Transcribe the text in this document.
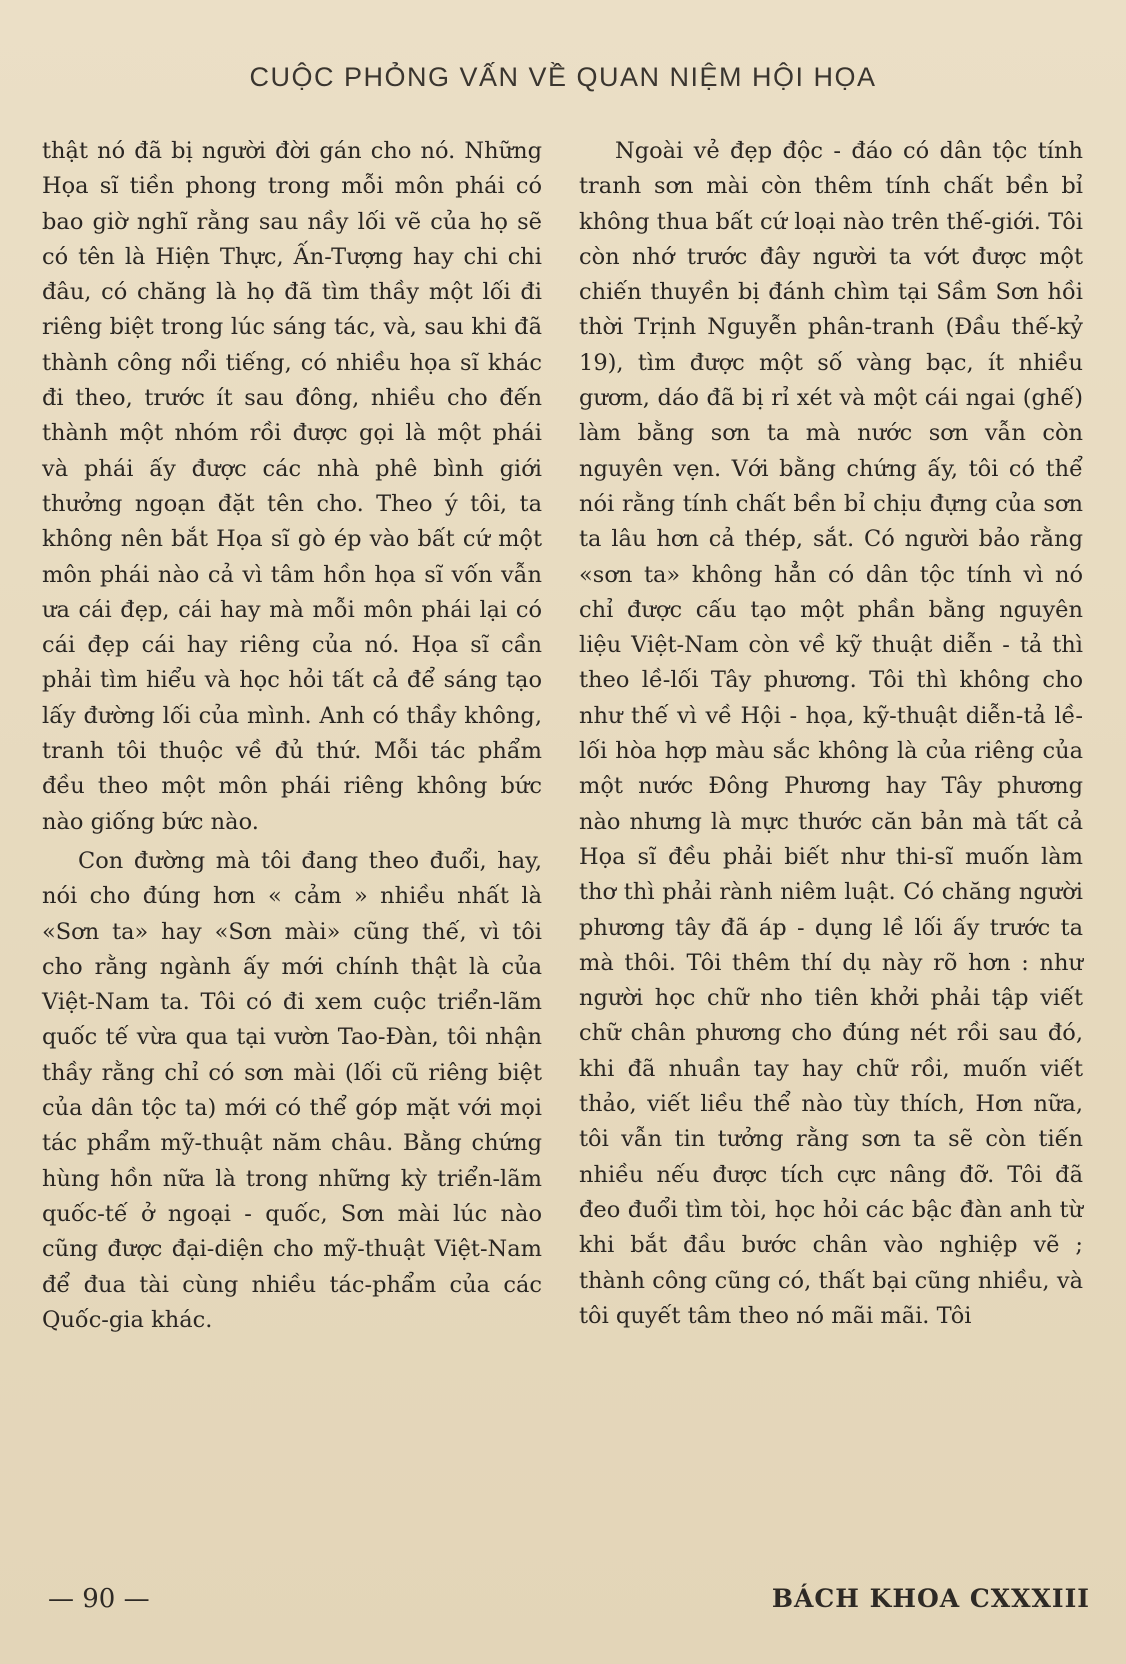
CUỘC PHỎNG VẤN VỀ QUAN NIỆM HỘI HỌA

thật nó đã bị người đời gán cho nó. Những Họa sĩ tiền phong trong mỗi môn phái có bao giờ nghĩ rằng sau nầy lối vẽ của họ sẽ có tên là Hiện Thực, Ấn-Tượng hay chi chi đâu, có chăng là họ đã tìm thầy một lối đi riêng biệt trong lúc sáng tác, và, sau khi đã thành công nổi tiếng, có nhiều họa sĩ khác đi theo, trước ít sau đông, nhiều cho đến thành một nhóm rồi được gọi là một phái và phái ấy được các nhà phê bình giới thưởng ngoạn đặt tên cho. Theo ý tôi, ta không nên bắt Họa sĩ gò ép vào bất cứ một môn phái nào cả vì tâm hồn họa sĩ vốn vẫn ưa cái đẹp, cái hay mà mỗi môn phái lại có cái đẹp cái hay riêng của nó. Họa sĩ cần phải tìm hiểu và học hỏi tất cả để sáng tạo lấy đường lối của mình. Anh có thầy không, tranh tôi thuộc về đủ thứ. Mỗi tác phẩm đều theo một môn phái riêng không bức nào giống bức nào.

Con đường mà tôi đang theo đuổi, hay, nói cho đúng hơn « cảm » nhiều nhất là «Sơn ta» hay «Sơn mài» cũng thế, vì tôi cho rằng ngành ấy mới chính thật là của Việt-Nam ta. Tôi có đi xem cuộc triển-lãm quốc tế vừa qua tại vườn Tao-Đàn, tôi nhận thầy rằng chỉ có sơn mài (lối cũ riêng biệt của dân tộc ta) mới có thể góp mặt với mọi tác phẩm mỹ-thuật năm châu. Bằng chứng hùng hồn nữa là trong những kỳ triển-lãm quốc-tế ở ngoại - quốc, Sơn mài lúc nào cũng được đại-diện cho mỹ-thuật Việt-Nam để đua tài cùng nhiều tác-phẩm của các Quốc-gia khác.

Ngoài vẻ đẹp độc - đáo có dân tộc tính tranh sơn mài còn thêm tính chất bền bỉ không thua bất cứ loại nào trên thế-giới. Tôi còn nhớ trước đây người ta vớt được một chiến thuyền bị đánh chìm tại Sầm Sơn hồi thời Trịnh Nguyễn phân-tranh (Đầu thế-kỷ 19), tìm được một số vàng bạc, ít nhiều gươm, dáo đã bị rỉ xét và một cái ngai (ghế) làm bằng sơn ta mà nước sơn vẫn còn nguyên vẹn. Với bằng chứng ấy, tôi có thể nói rằng tính chất bền bỉ chịu đựng của sơn ta lâu hơn cả thép, sắt. Có người bảo rằng «sơn ta» không hẳn có dân tộc tính vì nó chỉ được cấu tạo một phần bằng nguyên liệu Việt-Nam còn về kỹ thuật diễn - tả thì theo lề-lối Tây phương. Tôi thì không cho như thế vì về Hội - họa, kỹ-thuật diễn-tả lề-lối hòa hợp màu sắc không là của riêng của một nước Đông Phương hay Tây phương nào nhưng là mực thước căn bản mà tất cả Họa sĩ đều phải biết như thi-sĩ muốn làm thơ thì phải rành niêm luật. Có chăng người phương tây đã áp - dụng lề lối ấy trước ta mà thôi. Tôi thêm thí dụ này rõ hơn : như người học chữ nho tiên khởi phải tập viết chữ chân phương cho đúng nét rồi sau đó, khi đã nhuần tay hay chữ rồi, muốn viết thảo, viết liều thể nào tùy thích, Hơn nữa, tôi vẫn tin tưởng rằng sơn ta sẽ còn tiến nhiều nếu được tích cực nâng đỡ. Tôi đã đeo đuổi tìm tòi, học hỏi các bậc đàn anh từ khi bắt đầu bước chân vào nghiệp vẽ ; thành công cũng có, thất bại cũng nhiều, và tôi quyết tâm theo nó mãi mãi. Tôi

— 90 —	BÁCH KHOA CXXXIII
